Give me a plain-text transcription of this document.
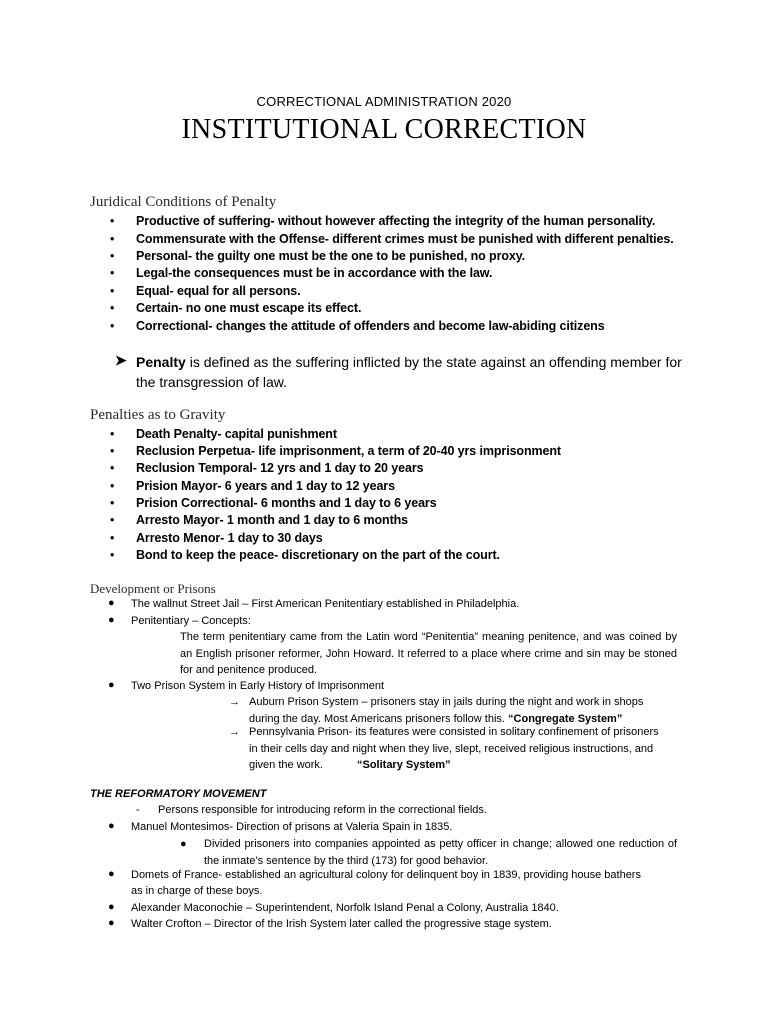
CORRECTIONAL ADMINISTRATION 2020
INSTITUTIONAL CORRECTION
Juridical Conditions of Penalty
• Productive of suffering- without however affecting the integrity of the human personality.
• Commensurate with the Offense- different crimes must be punished with different penalties.
• Personal- the guilty one must be the one to be punished, no proxy.
• Legal-the consequences must be in accordance with the law.
• Equal- equal for all persons.
• Certain- no one must escape its effect.
• Correctional- changes the attitude of offenders and become law-abiding citizens
➤ Penalty is defined as the suffering inflicted by the state against an offending member for
the transgression of law.
Penalties as to Gravity
• Death Penalty- capital punishment
• Reclusion Perpetua- life imprisonment, a term of 20-40 yrs imprisonment
• Reclusion Temporal- 12 yrs and 1 day to 20 years
• Prision Mayor- 6 years and 1 day to 12 years
• Prision Correctional- 6 months and 1 day to 6 years
• Arresto Mayor- 1 month and 1 day to 6 months
• Arresto Menor- 1 day to 30 days
• Bond to keep the peace- discretionary on the part of the court.
Development or Prisons
● The wallnut Street Jail – First American Penitentiary established in Philadelphia.
● Penitentiary – Concepts:
The term penitentiary came from the Latin word “Penitentia” meaning penitence, and was coined by an English prisoner reformer, John Howard. It referred to a place where crime and sin may be stoned for and penitence produced.
● Two Prison System in Early History of Imprisonment
→ Auburn Prison System – prisoners stay in jails during the night and work in shops
during the day. Most Americans prisoners follow this. “Congregate System”
→ Pennsylvania Prison- its features were consisted in solitary confinement of prisoners
in their cells day and night when they live, slept, received religious instructions, and
given the work.	“Solitary System”
THE REFORMATORY MOVEMENT
- Persons responsible for introducing reform in the correctional fields.
● Manuel Montesimos- Direction of prisons at Valeria Spain in 1835.
● Divided prisoners into companies appointed as petty officer in change; allowed one reduction of the inmate’s sentence by the third (173) for good behavior.
● Domets of France- established an agricultural colony for delinquent boy in 1839, providing house bathers
as in charge of these boys.
● Alexander Maconochie – Superintendent, Norfolk Island Penal a Colony, Australia 1840.
● Walter Crofton – Director of the Irish System later called the progressive stage system.
